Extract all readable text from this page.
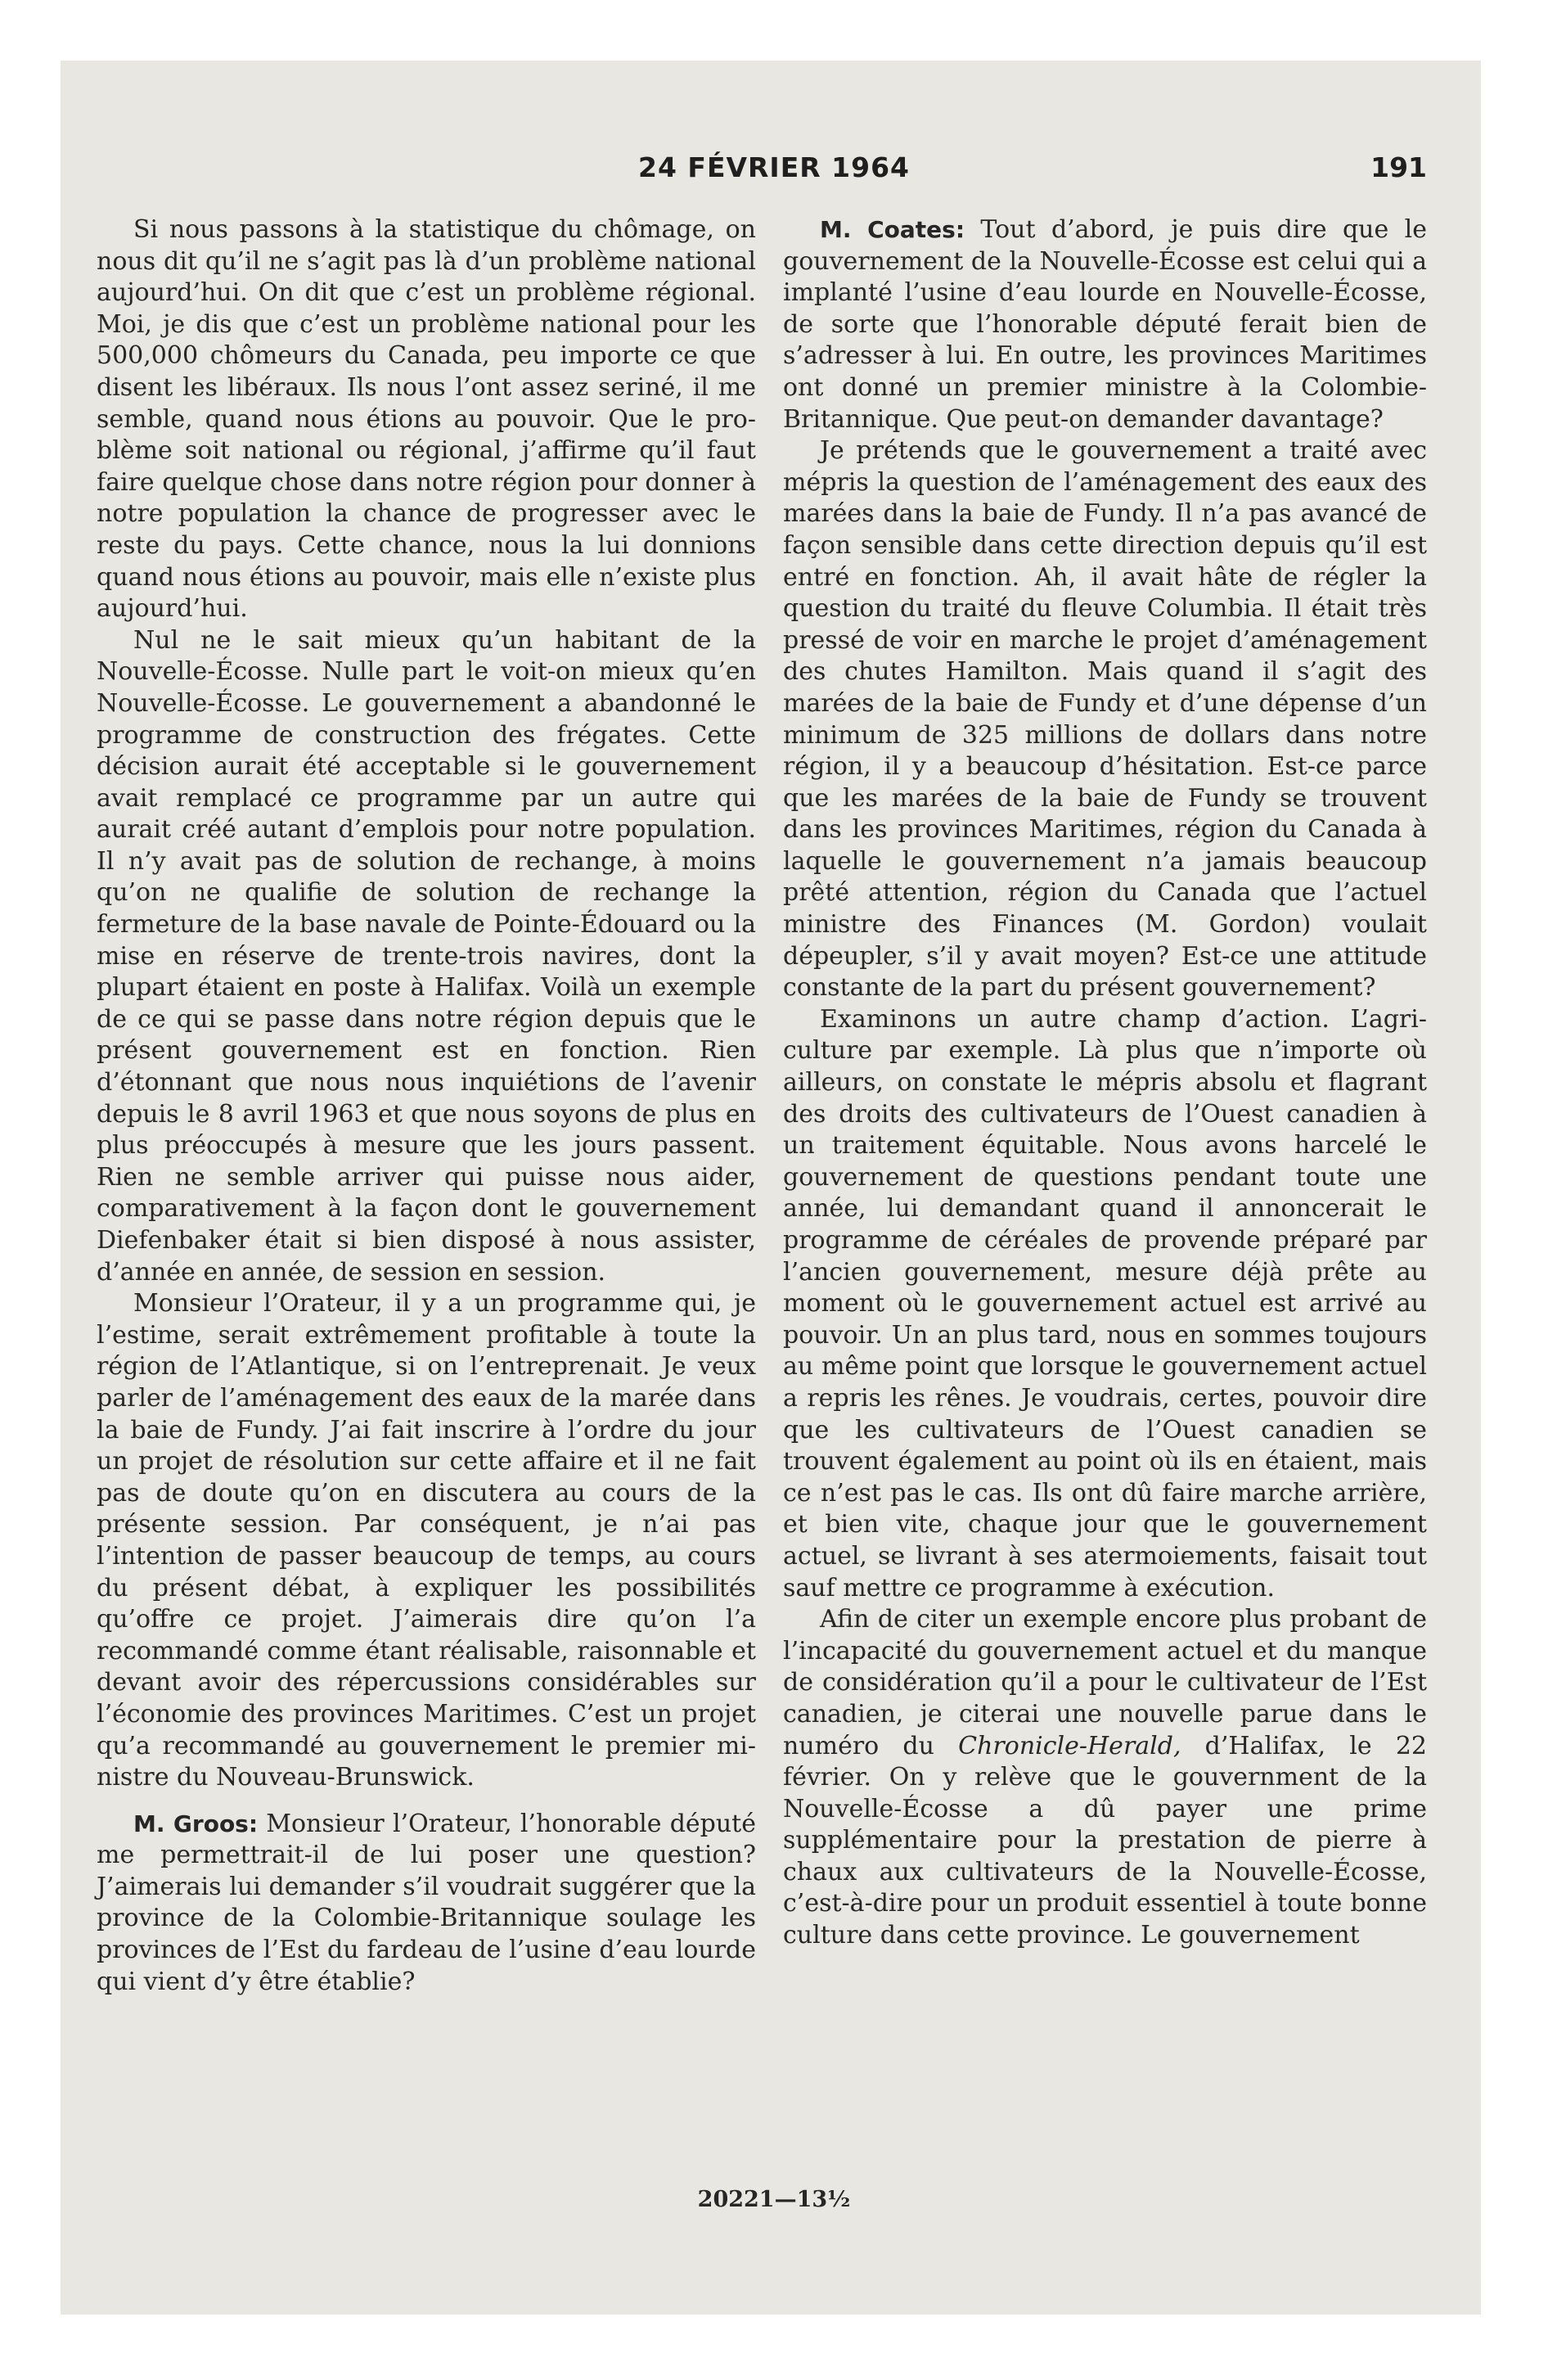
24 FÉVRIER 1964	191

Si nous passons à la statistique du chômage, on nous dit qu’il ne s’agit pas là d’un problème national aujourd’hui. On dit que c’est un problème régional. Moi, je dis que c’est un problème national pour les 500,000 chômeurs du Canada, peu importe ce que disent les libéraux. Ils nous l’ont assez seriné, il me semble, quand nous étions au pouvoir. Que le problème soit national ou régional, j’affirme qu’il faut faire quelque chose dans notre région pour donner à notre population la chance de progresser avec le reste du pays. Cette chance, nous la lui donnions quand nous étions au pouvoir, mais elle n’existe plus aujourd’hui.

Nul ne le sait mieux qu’un habitant de la Nouvelle-Écosse. Nulle part le voit-on mieux qu’en Nouvelle-Écosse. Le gouvernement a abandonné le programme de construction des frégates. Cette décision aurait été acceptable si le gouvernement avait remplacé ce programme par un autre qui aurait créé autant d’emplois pour notre population. Il n’y avait pas de solution de rechange, à moins qu’on ne qualifie de solution de rechange la fermeture de la base navale de Pointe-Édouard ou la mise en réserve de trente-trois navires, dont la plupart étaient en poste à Halifax. Voilà un exemple de ce qui se passe dans notre région depuis que le présent gouvernement est en fonction. Rien d’étonnant que nous nous inquiétions de l’avenir depuis le 8 avril 1963 et que nous soyons de plus en plus préoccupés à mesure que les jours passent. Rien ne semble arriver qui puisse nous aider, comparativement à la façon dont le gouvernement Diefenbaker était si bien disposé à nous assister, d’année en année, de session en session.

Monsieur l’Orateur, il y a un programme qui, je l’estime, serait extrêmement profitable à toute la région de l’Atlantique, si on l’entreprenait. Je veux parler de l’aménagement des eaux de la marée dans la baie de Fundy. J’ai fait inscrire à l’ordre du jour un projet de résolution sur cette affaire et il ne fait pas de doute qu’on en discutera au cours de la présente session. Par conséquent, je n’ai pas l’intention de passer beaucoup de temps, au cours du présent débat, à expliquer les possibilités qu’offre ce projet. J’aimerais dire qu’on l’a recommandé comme étant réalisable, raisonnable et devant avoir des répercussions considérables sur l’économie des provinces Maritimes. C’est un projet qu’a recommandé au gouvernement le premier ministre du Nouveau-Brunswick.

M. Groos: Monsieur l’Orateur, l’honorable député me permettrait-il de lui poser une question? J’aimerais lui demander s’il voudrait suggérer que la province de la Colombie-Britannique soulage les provinces de l’Est du fardeau de l’usine d’eau lourde qui vient d’y être établie?

M. Coates: Tout d’abord, je puis dire que le gouvernement de la Nouvelle-Écosse est celui qui a implanté l’usine d’eau lourde en Nouvelle-Écosse, de sorte que l’honorable député ferait bien de s’adresser à lui. En outre, les provinces Maritimes ont donné un premier ministre à la Colombie-Britannique. Que peut-on demander davantage?

Je prétends que le gouvernement a traité avec mépris la question de l’aménagement des eaux des marées dans la baie de Fundy. Il n’a pas avancé de façon sensible dans cette direction depuis qu’il est entré en fonction. Ah, il avait hâte de régler la question du traité du fleuve Columbia. Il était très pressé de voir en marche le projet d’aménagement des chutes Hamilton. Mais quand il s’agit des marées de la baie de Fundy et d’une dépense d’un minimum de 325 millions de dollars dans notre région, il y a beaucoup d’hésitation. Est-ce parce que les marées de la baie de Fundy se trouvent dans les provinces Maritimes, région du Canada à laquelle le gouvernement n’a jamais beaucoup prêté attention, région du Canada que l’actuel ministre des Finances (M. Gordon) voulait dépeupler, s’il y avait moyen? Est-ce une attitude constante de la part du présent gouvernement?

Examinons un autre champ d’action. L’agriculture par exemple. Là plus que n’importe où ailleurs, on constate le mépris absolu et flagrant des droits des cultivateurs de l’Ouest canadien à un traitement équitable. Nous avons harcelé le gouvernement de questions pendant toute une année, lui demandant quand il annoncerait le programme de céréales de provende préparé par l’ancien gouvernement, mesure déjà prête au moment où le gouvernement actuel est arrivé au pouvoir. Un an plus tard, nous en sommes toujours au même point que lorsque le gouvernement actuel a repris les rênes. Je voudrais, certes, pouvoir dire que les cultivateurs de l’Ouest canadien se trouvent également au point où ils en étaient, mais ce n’est pas le cas. Ils ont dû faire marche arrière, et bien vite, chaque jour que le gouvernement actuel, se livrant à ses atermoiements, faisait tout sauf mettre ce programme à exécution.

Afin de citer un exemple encore plus probant de l’incapacité du gouvernement actuel et du manque de considération qu’il a pour le cultivateur de l’Est canadien, je citerai une nouvelle parue dans le numéro du Chronicle-Herald, d’Halifax, le 22 février. On y relève que le gouvernment de la Nouvelle-Écosse a dû payer une prime supplémentaire pour la prestation de pierre à chaux aux cultivateurs de la Nouvelle-Écosse, c’est-à-dire pour un produit essentiel à toute bonne culture dans cette province. Le gouvernement

20221—13½
